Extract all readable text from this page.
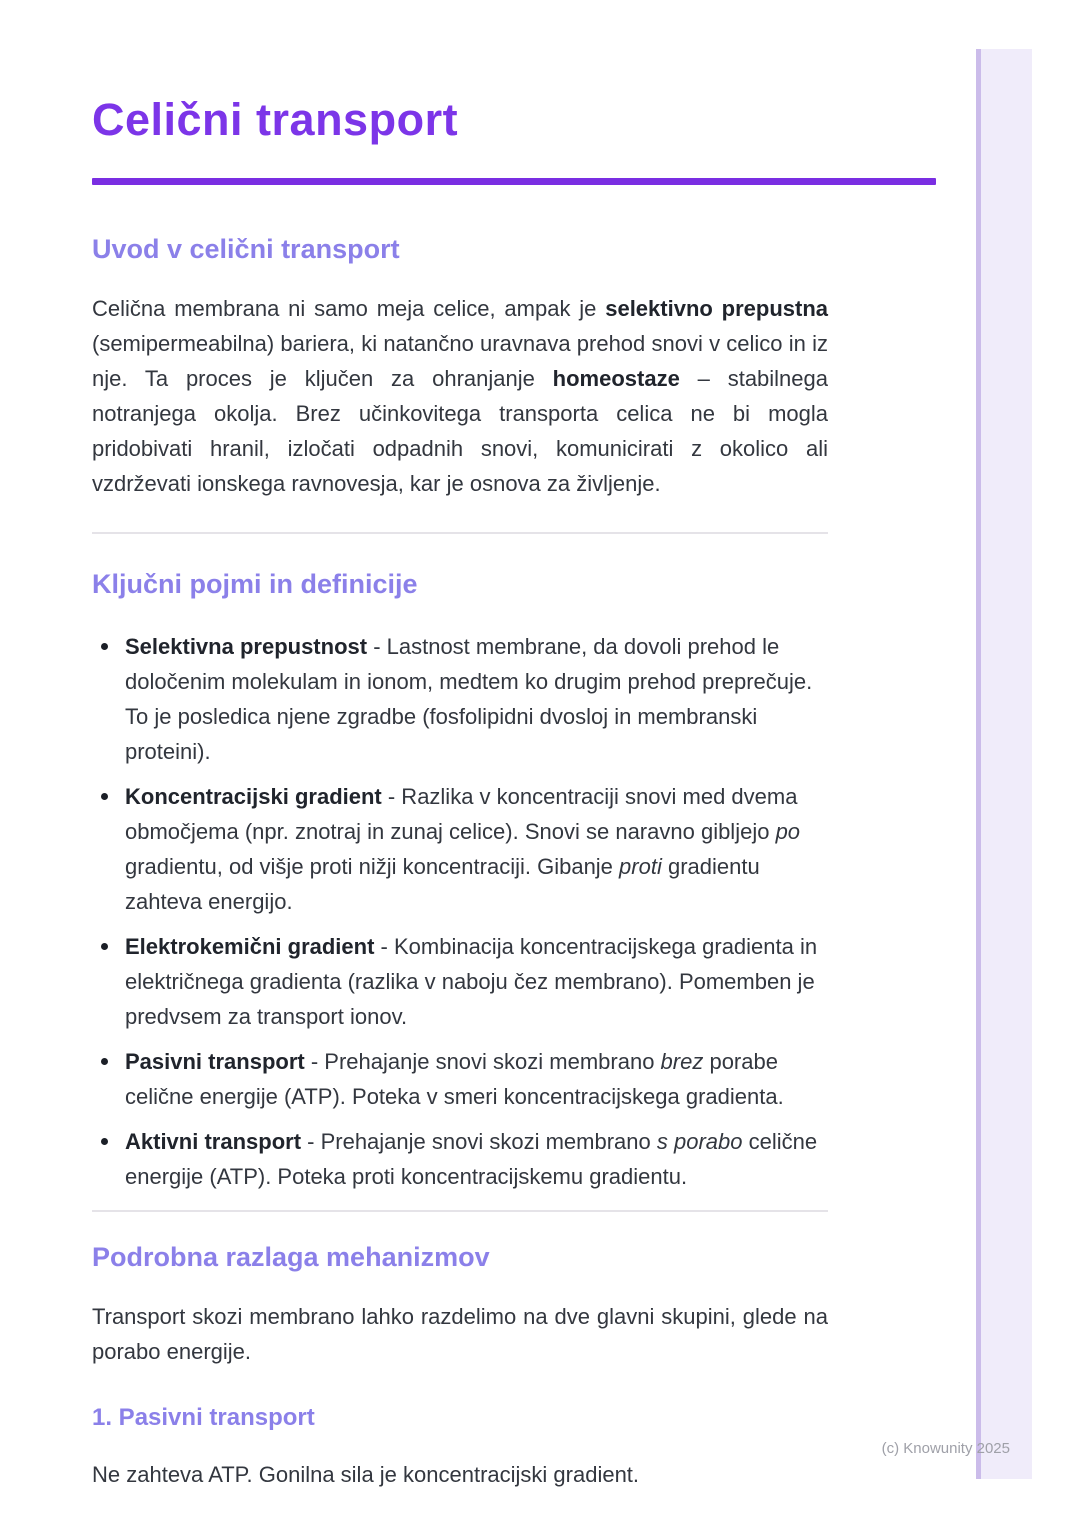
Celični transport
Uvod v celični transport

Celična membrana ni samo meja celice, ampak je selektivno prepustna (semipermeabilna) bariera, ki natančno uravnava prehod snovi v celico in iz nje. Ta proces je ključen za ohranjanje homeostaze – stabilnega notranjega okolja. Brez učinkovitega transporta celica ne bi mogla pridobivati hranil, izločati odpadnih snovi, komunicirati z okolico ali vzdrževati ionskega ravnovesja, kar je osnova za življenje.

Ključni pojmi in definicije
Selektivna prepustnost - Lastnost membrane, da dovoli prehod le določenim molekulam in ionom, medtem ko drugim prehod preprečuje. To je posledica njene zgradbe (fosfolipidni dvosloj in membranski proteini).
Koncentracijski gradient - Razlika v koncentraciji snovi med dvema območjema (npr. znotraj in zunaj celice). Snovi se naravno gibljejo po gradientu, od višje proti nižji koncentraciji. Gibanje proti gradientu zahteva energijo.
Elektrokemični gradient - Kombinacija koncentracijskega gradienta in električnega gradienta (razlika v naboju čez membrano). Pomemben je predvsem za transport ionov.
Pasivni transport - Prehajanje snovi skozi membrano brez porabe celične energije (ATP). Poteka v smeri koncentracijskega gradienta.
Aktivni transport - Prehajanje snovi skozi membrano s porabo celične energije (ATP). Poteka proti koncentracijskemu gradientu.
Podrobna razlaga mehanizmov

Transport skozi membrano lahko razdelimo na dve glavni skupini, glede na porabo energije.

1. Pasivni transport

Ne zahteva ATP. Gonilna sila je koncentracijski gradient.

(c) Knowunity 2025
